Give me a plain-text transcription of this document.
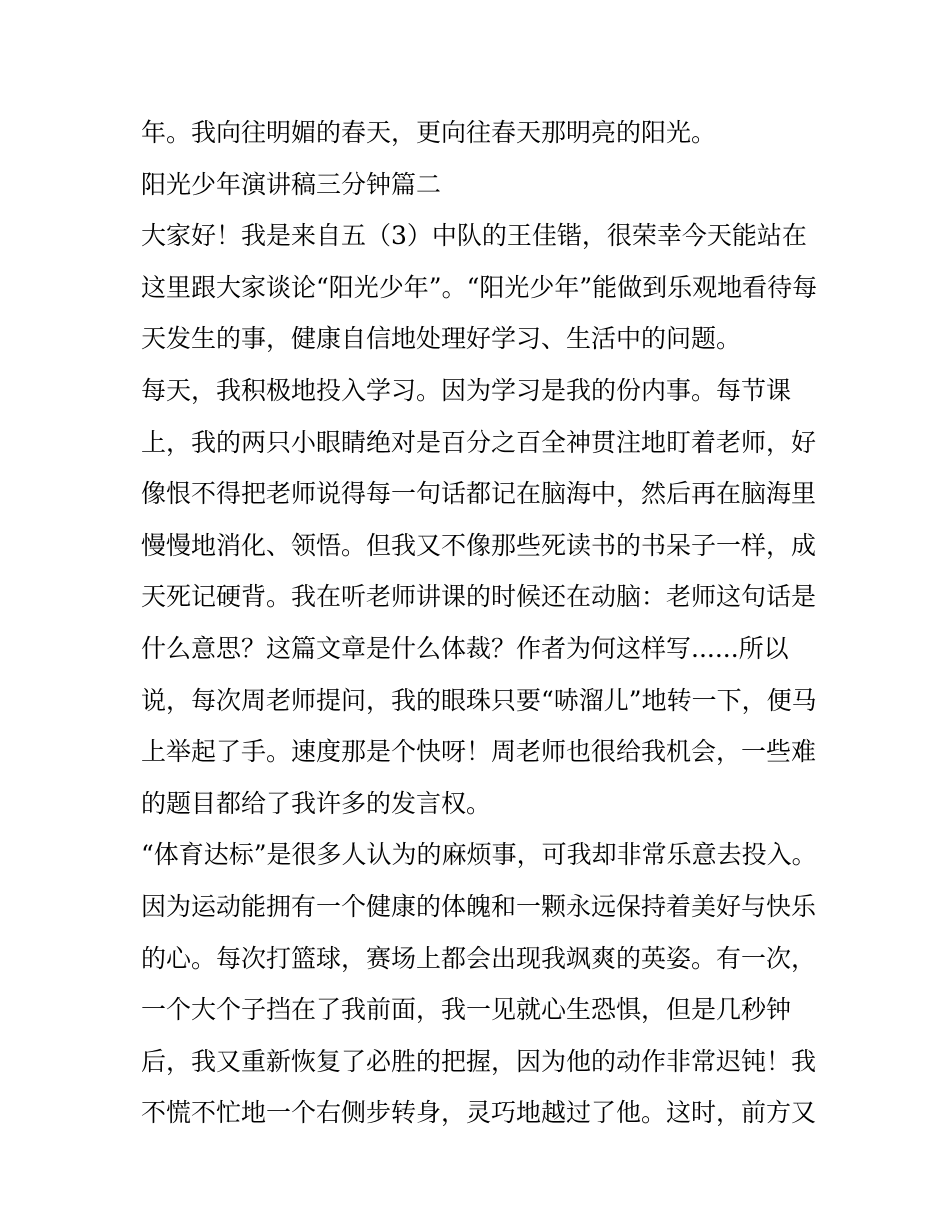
年。我向往明媚的春天，更向往春天那明亮的阳光。
阳光少年演讲稿三分钟篇二
大家好！我是来自五（3）中队的王佳锴，很荣幸今天能站在
这里跟大家谈论“阳光少年”。“阳光少年”能做到乐观地看待每
天发生的事，健康自信地处理好学习、生活中的问题。
每天，我积极地投入学习。因为学习是我的份内事。每节课
上，我的两只小眼睛绝对是百分之百全神贯注地盯着老师，好
像恨不得把老师说得每一句话都记在脑海中，然后再在脑海里
慢慢地消化、领悟。但我又不像那些死读书的书呆子一样，成
天死记硬背。我在听老师讲课的时候还在动脑：老师这句话是
什么意思？这篇文章是什么体裁？作者为何这样写......所以
说，每次周老师提问，我的眼珠只要“哧溜儿”地转一下，便马
上举起了手。速度那是个快呀！周老师也很给我机会，一些难
的题目都给了我许多的发言权。
“体育达标”是很多人认为的麻烦事，可我却非常乐意去投入。
因为运动能拥有一个健康的体魄和一颗永远保持着美好与快乐
的心。每次打篮球，赛场上都会出现我飒爽的英姿。有一次，
一个大个子挡在了我前面，我一见就心生恐惧，但是几秒钟
后，我又重新恢复了必胜的把握，因为他的动作非常迟钝！我
不慌不忙地一个右侧步转身，灵巧地越过了他。这时，前方又
